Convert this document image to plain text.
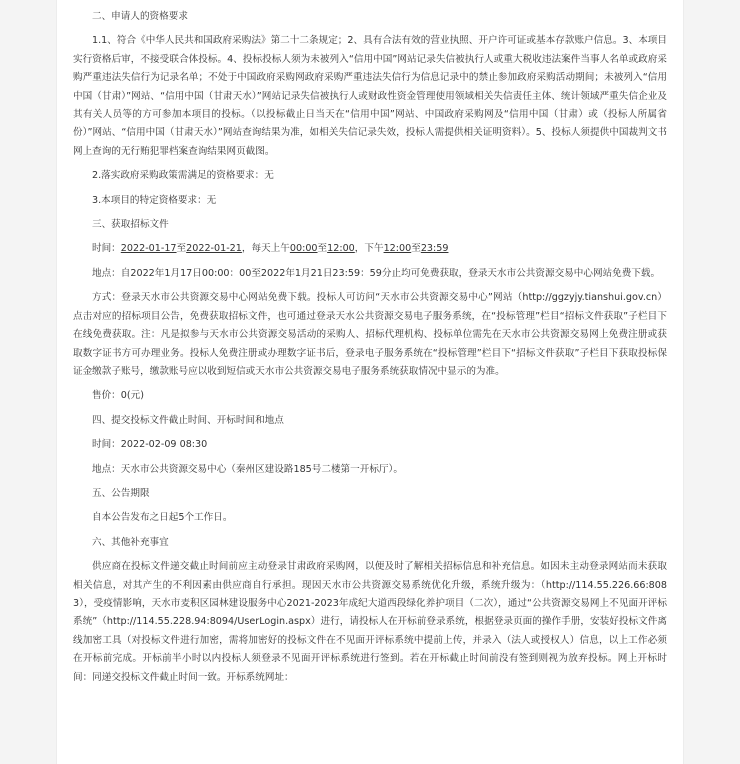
二、申请人的资格要求

1.1、符合《中华人民共和国政府采购法》第二十二条规定；2、具有合法有效的营业执照、开户许可证或基本存款账户信息。3、本项目实行资格后审，不接受联合体投标。4、投标投标人须为未被列入“信用中国”网站记录失信被执行人或重大税收违法案件当事人名单或政府采购严重违法失信行为记录名单；不处于中国政府采购网政府采购严重违法失信行为信息记录中的禁止参加政府采购活动期间；未被列入“信用中国（甘肃）”网站、“信用中国（甘肃天水）”网站记录失信被执行人或财政性资金管理使用领域相关失信责任主体、统计领域严重失信企业及其有关人员等的方可参加本项目的投标。（以投标截止日当天在“信用中国”网站、中国政府采购网及“信用中国（甘肃）或（投标人所属省份）”网站、“信用中国（甘肃天水）”网站查询结果为准，如相关失信记录失效，投标人需提供相关证明资料）。5、投标人须提供中国裁判文书网上查询的无行贿犯罪档案查询结果网页截图。

2.落实政府采购政策需满足的资格要求：无

3.本项目的特定资格要求：无

三、获取招标文件

时间：2022-01-17至2022-01-21，每天上午00:00至12:00，下午12:00至23:59

地点：自2022年1月17日00:00：00至2022年1月21日23:59：59分止均可免费获取，登录天水市公共资源交易中心网站免费下载。

方式：登录天水市公共资源交易中心网站免费下载。投标人可访问“天水市公共资源交易中心”网站（http://ggzyjy.tianshui.gov.cn）点击对应的招标项目公告，免费获取招标文件，也可通过登录天水公共资源交易电子服务系统，在“投标管理”栏目“招标文件获取”子栏目下在线免费获取。注：凡是拟参与天水市公共资源交易活动的采购人、招标代理机构、投标单位需先在天水市公共资源交易网上免费注册或获取数字证书方可办理业务。投标人免费注册或办理数字证书后，登录电子服务系统在“投标管理”栏目下“招标文件获取”子栏目下获取投标保证金缴款子账号，缴款账号应以收到短信或天水市公共资源交易电子服务系统获取情况中显示的为准。

售价：0(元)

四、提交投标文件截止时间、开标时间和地点

时间：2022-02-09 08:30

地点：天水市公共资源交易中心（秦州区建设路185号二楼第一开标厅）。

五、公告期限

自本公告发布之日起5个工作日。

六、其他补充事宜

供应商在投标文件递交截止时间前应主动登录甘肃政府采购网，以便及时了解相关招标信息和补充信息。如因未主动登录网站而未获取相关信息，对其产生的不利因素由供应商自行承担。现因天水市公共资源交易系统优化升级，系统升级为：（http://114.55.226.66:8083），受疫情影响，天水市麦积区园林建设服务中心2021-2023年成纪大道西段绿化养护项目（二次），通过“公共资源交易网上不见面开评标系统”（http://114.55.228.94:8094/UserLogin.aspx）进行，请投标人在开标前登录系统，根据登录页面的操作手册，安装好投标文件离线加密工具（对投标文件进行加密，需将加密好的投标文件在不见面开评标系统中提前上传，并录入（法人或授权人）信息，以上工作必须在开标前完成。开标前半小时以内投标人须登录不见面开评标系统进行签到。若在开标截止时间前没有签到则视为放弃投标。网上开标时间：同递交投标文件截止时间一致。开标系统网址：
